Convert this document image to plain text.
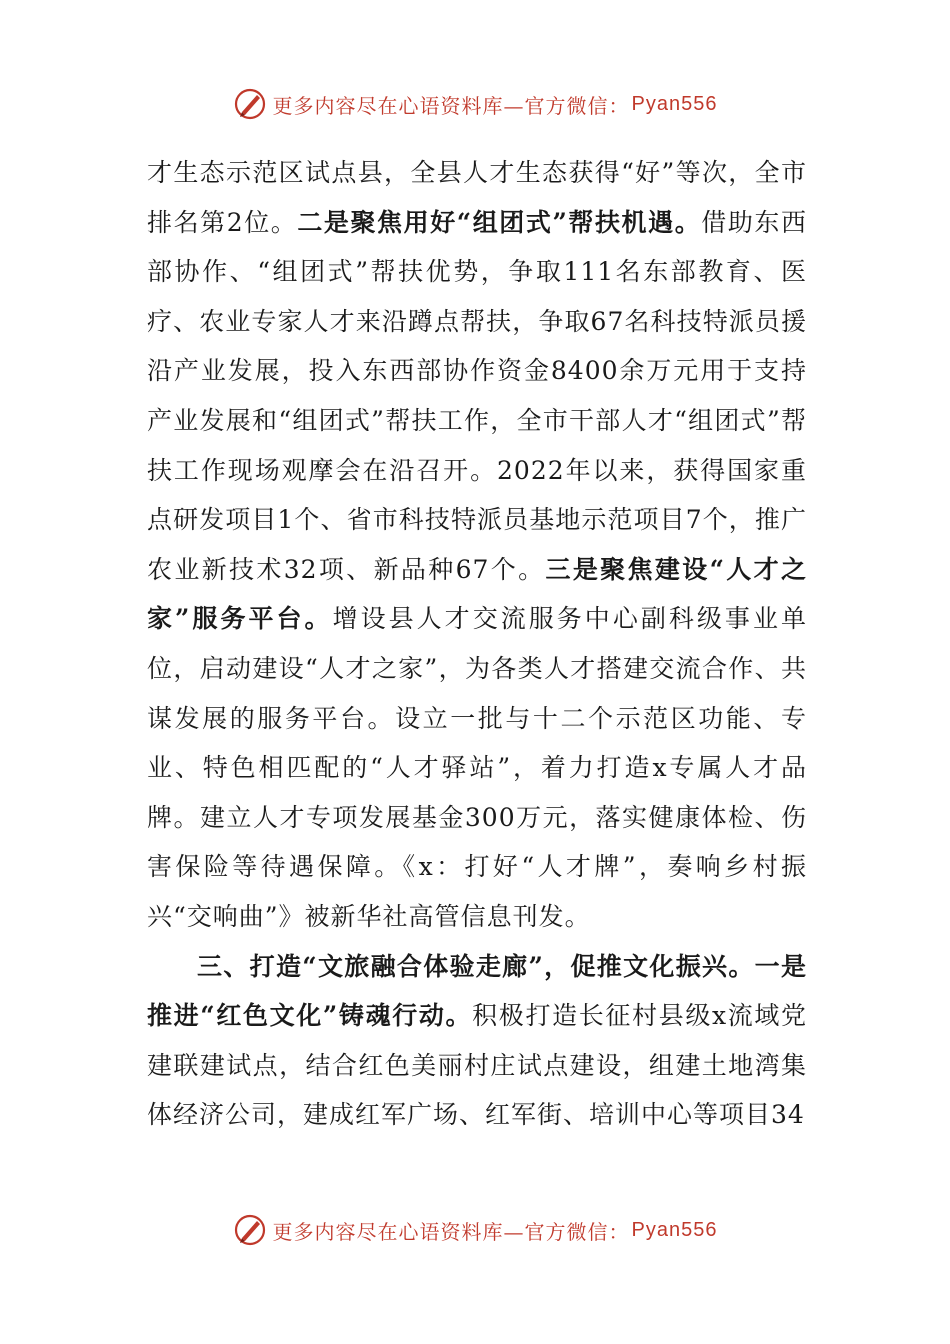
更多内容尽在心语资料库—官方微信： Pyan556

才生态示范区试点县，全县人才生态获得“好”等次，全市排名第2位。二是聚焦用好“组团式”帮扶机遇。借助东西部协作、“组团式”帮扶优势，争取111名东部教育、医疗、农业专家人才来沿蹲点帮扶，争取67名科技特派员援沿产业发展，投入东西部协作资金8400余万元用于支持产业发展和“组团式”帮扶工作，全市干部人才“组团式”帮扶工作现场观摩会在沿召开。2022年以来，获得国家重点研发项目1个、省市科技特派员基地示范项目7个，推广农业新技术32项、新品种67个。三是聚焦建设“人才之家”服务平台。增设县人才交流服务中心副科级事业单位，启动建设“人才之家”，为各类人才搭建交流合作、共谋发展的服务平台。设立一批与十二个示范区功能、专业、特色相匹配的“人才驿站”，着力打造x专属人才品牌。建立人才专项发展基金300万元，落实健康体检、伤害保险等待遇保障。《x：打好“人才牌”，奏响乡村振兴“交响曲”》被新华社高管信息刊发。

三、打造“文旅融合体验走廊”，促推文化振兴。一是推进“红色文化”铸魂行动。积极打造长征村县级x流域党建联建试点，结合红色美丽村庄试点建设，组建土地湾集体经济公司，建成红军广场、红军街、培训中心等项目34

更多内容尽在心语资料库—官方微信： Pyan556
